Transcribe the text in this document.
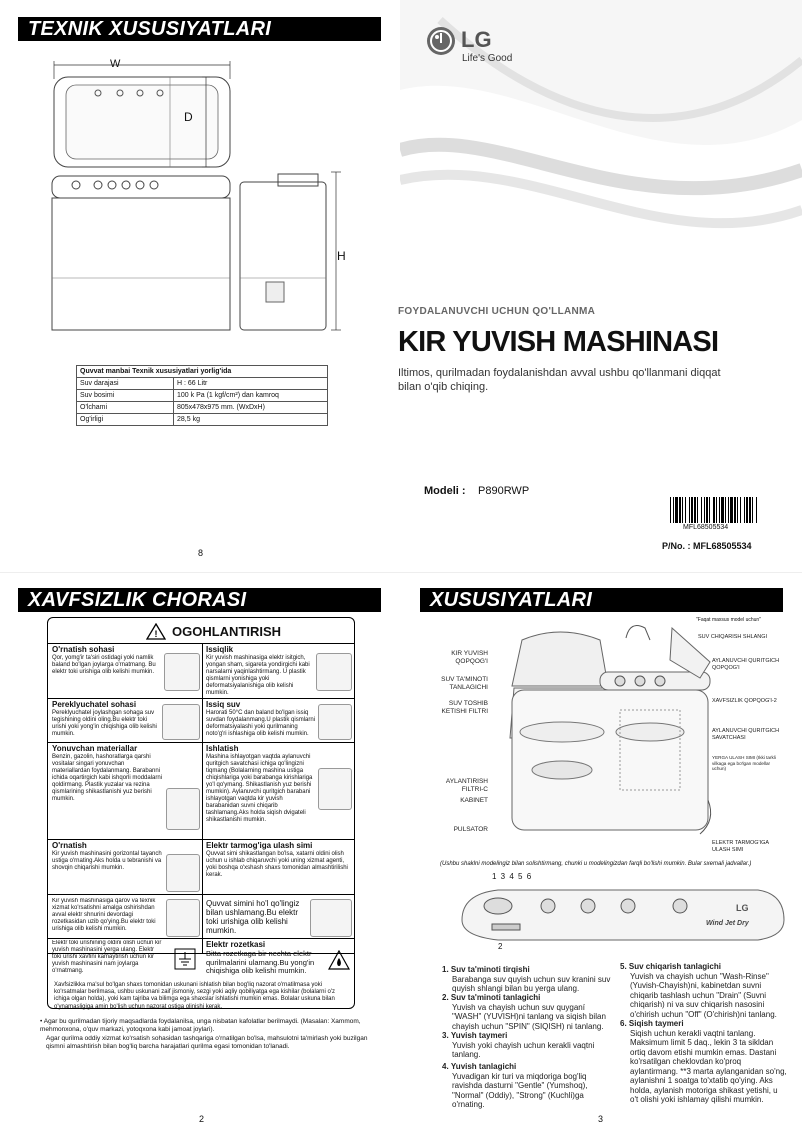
TEXNIK XUSUSIYATLARI
W
D
H
Quvvat manbai Texnik xususiyatlari yorlig'ida	
Suv darajasi	H : 66 Litr
Suv bosimi	100 k Pa (1 kgf/cm²) dan kamroq
O'lchami	805x478x975 mm. (WxDxH)
Og'irligi	28,5 kg
8
LG
Life's Good
FOYDALANUVCHI UCHUN QO'LLANMA
KIR YUVISH MASHINASI
Iltimos, qurilmadan foydalanishdan avval ushbu qo'llanmani diqqat bilan o'qib chiqing.
Modeli : P890RWP
MFL68505534
P/No. : MFL68505534
XAVFSIZLIK CHORASI
! OGOHLANTIRISH
O'rnatish sohasi
Qor, yomg'ir ta'siri ostidagi yoki namlik baland bo'lgan joylarga o'rnatmang. Bu elektr toki urishiga olib kelishi mumkin.
Issiqlik
Kir yuvish mashinasiga elektr isitgich, yongan sham, sigareta yondirgichi kabi narsalarni yaqinlashtirmang. U plastik qismlarni yonishiga yoki deformatsiyalanishiga olib kelishi mumkin.
Pereklyuchatel sohasi
Pereklyuchatel joylashgan sohaga suv tegishining oldini oling.Bu elektr toki urishi yoki yong'in chiqishiga olib kelishi mumkin.
Issiq suv
Harorati 50°C dan baland bo'lgan issiq suvdan foydalanmang.U plastik qismlarni deformatsiyalashi yoki qurilmaning noto'g'ri ishlashiga olib kelishi mumkin.
Yonuvchan materiallar
Benzin, gazolin, hashoratlarga qarshi vositalar singari yonuvchan materiallardan foydalanmang. Barabanni ichida oqartirgich kabi ishqorli moddalarni qoldirmang. Plastik yuzalar va rezina qismlarining shikastlanishi yuz berishi mumkin.
Ishlatish
Mashina ishlayotgan vaqtda aylanuvchi quritgich savatchasi ichiga qo'lingizni tiqmang (Bolalarning mashina ustiga chiqishlariga yoki barabanga kirishlariga yo'l qo'ymang. Shikastlanish yuz berishi mumkin). Aylanuvchi quritgich barabani ishlayotgan vaqtda kir yuvish barabanidan suvni chiqarib tashlamang.Aks holda siqish dvigateli shikastlanishi mumkin.
O'rnatish
Kir yuvish mashinasini gorizontal tayanch ustiga o'rnating.Aks holda u tebranishi va shovqin chiqarishi mumkin.
Elektr tarmog'iga ulash simi
Quvvat simi shikastlangan bo'lsa, xatarni oldini olish uchun u ishlab chiqaruvchi yoki uning xizmat agenti, yoki boshqa o'xshash shaxs tomonidan almashtirilishi kerak.
Kir yuvish mashinasiga qarov va texnik xizmat ko'rsatishni amalga oshirishdan avval elektr shnurini devordagi rozetkasidan uzib qo'ying.Bu elektr toki urishiga olib kelishi mumkin.
Quvvat simini ho'l qo'lingiz bilan ushlamang.Bu elektr toki urishiga olib kelishi mumkin.
Elektr toki urishining oldini olish uchun kir yuvish mashinasini yerga ulang. Elektr toki urishi xavfini kamaytirish uchun kir yuvish mashinasini nam joylarga o'rnatmang.
Elektr rozetkasi
Bitta rozetkaga bir nechta elektr qurilmalarini ulamang.Bu yong'in chiqishiga olib kelishi mumkin.
Xavfsizlikka ma'sul bo'lgan shaxs tomonidan uskunani ishlatish bilan bog'liq nazorat o'rnatilmasa yoki ko'rsatmalar berilmasa, ushbu uskunani zaif jismoniy, sezgi yoki aqliy qobiliyatga ega kishilar (bolalarni o'z ichiga olgan holda), yoki kam tajriba va bilimga ega shaxslar ishlatishi mumkin emas. Bolalar uskuna bilan o'ynamasligiga amin bo'lish uchun nazorat ostiga olinishi kerak.
• Agar bu qurilmadan tijoriy maqsadlarda foydalanilsa, unga nisbatan kafolatlar berilmaydi. (Masalan: Xammom, mehmonxona, o'quv markazi, yotoqxona kabi jamoat joylari).
Agar qurilma oddiy xizmat ko'rsatish sohasidan tashqariga o'rnatilgan bo'lsa, mahsulotni ta'mirlash yoki buzilgan qismni almashtirish bilan bog'liq barcha harajatlari qurilma egasi tomonidan to'lanadi.
2
XUSUSIYATLARI
"Faqat maxsus model uchun"
KIR YUVISH QOPQOG'I
SUV TA'MINOTI TANLAGICHI
SUV TOSHIB KETISHI FILTRI
AYLANTIRISH FILTRI-C
KABINET
PULSATOR
SUV CHIQARISH SHLANGI
AYLANUVCHI QURITGICH QOPQOG'I
XAVFSIZLIK QOPQOG'I-2
AYLANUVCHI QURITGICH SAVATCHASI
YERGA ULASH SIMI (Ikki tarkli vilkaga ega bo'lgan modellar uchun)
ELEKTR TARMOG'IGA ULASH SIMI
(Ushbu shaklni modelingiz bilan solishtirmang, chunki u modelingizdan farqli bo'lishi mumkin. Bular sxemali jadvallar.)
1 3 4 5 6
2
LG
Wind Jet Dry
1. Suv ta'minoti tirqishi
Barabanga suv quyish uchun suv kranini suv quyish shlangi bilan bu yerga ulang.
2. Suv ta'minoti tanlagichi
Yuvish va chayish uchun suv quyganí "WASH" (YUVISH)ni tanlang va siqish bilan chayish uchun "SPIN" (SIQISH) ni tanlang.
3. Yuvish taymeri
Yuvish yoki chayish uchun kerakli vaqtni tanlang.
4. Yuvish tanlagichi
Yuvadigan kir turi va miqdoriga bog'liq ravishda dasturni "Gentle" (Yumshoq), "Normal" (Oddiy), "Strong" (Kuchli)ga o'rnating.
5. Suv chiqarish tanlagichi
Yuvish va chayish uchun "Wash-Rinse" (Yuvish-Chayish)ni, kabinetdan suvni chiqarib tashlash uchun "Drain" (Suvni chiqarish) ni va suv chiqarish nasosini o'chirish uchun "Off" (O'chirish)ni tanlang.
6. Siqish taymeri
Siqish uchun kerakli vaqtni tanlang. Maksimum limit 5 daq., lekin 3 ta sikldan ortiq davom etishi mumkin emas. Dastani ko'rsatilgan cheklovdan ko'proq aylantirmang. **3 marta aylanganidan so'ng, aylanishni 1 soatga to'xtatib qo'ying. Aks holda, aylanish motoriga shikast yetishi, u o't olishi yoki ishlamay qilishi mumkin.
3
